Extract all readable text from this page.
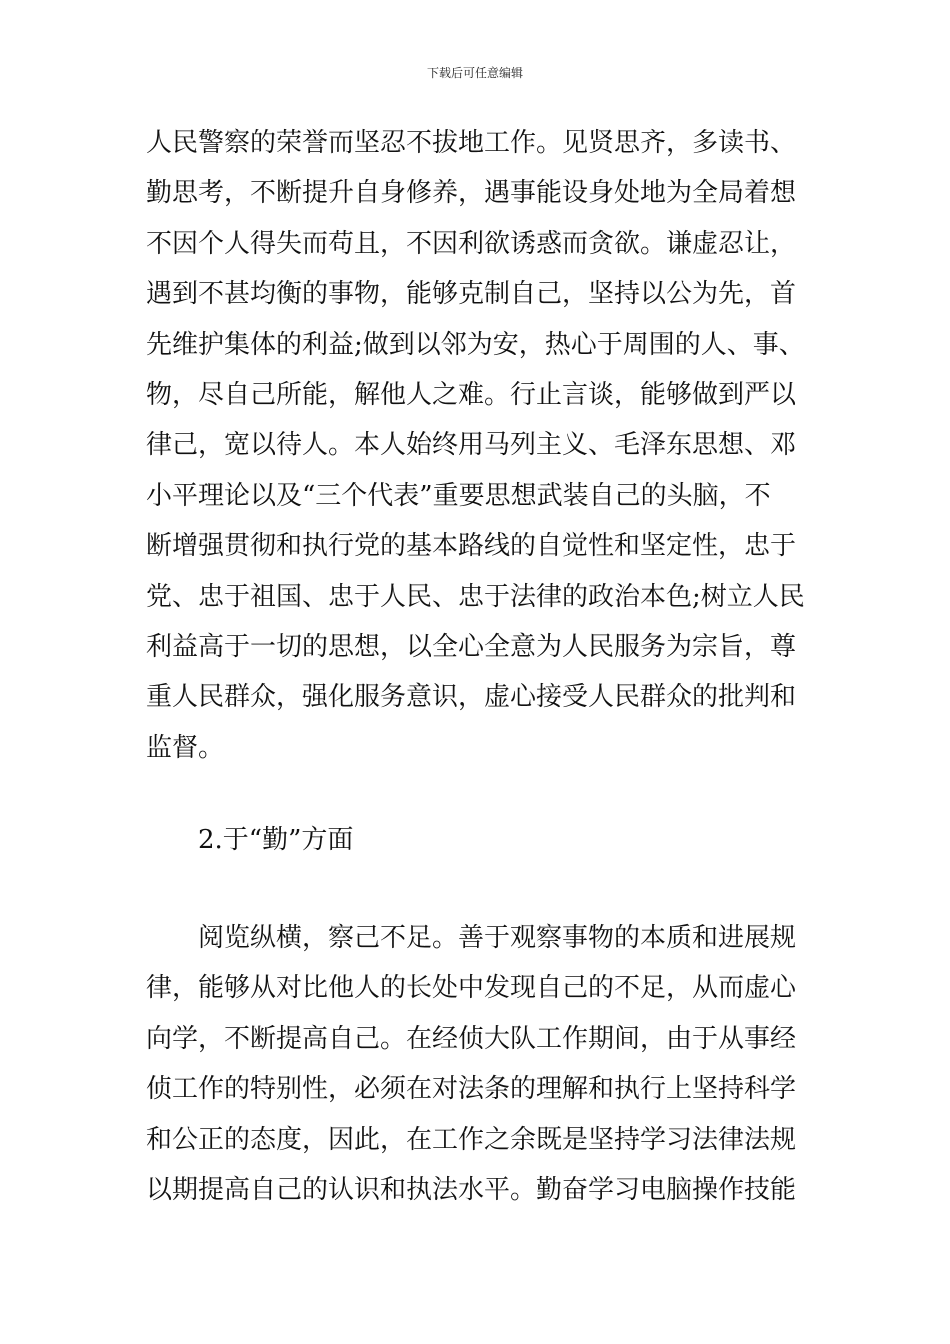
下载后可任意编辑
人民警察的荣誉而坚忍不拔地工作。见贤思齐，多读书、
勤思考，不断提升自身修养，遇事能设身处地为全局着想
不因个人得失而苟且，不因利欲诱惑而贪欲。谦虚忍让，
遇到不甚均衡的事物，能够克制自己，坚持以公为先，首
先维护集体的利益;做到以邻为安，热心于周围的人、事、
物，尽自己所能，解他人之难。行止言谈，能够做到严以
律己，宽以待人。本人始终用马列主义、毛泽东思想、邓
小平理论以及“三个代表”重要思想武装自己的头脑，不
断增强贯彻和执行党的基本路线的自觉性和坚定性，忠于
党、忠于祖国、忠于人民、忠于法律的政治本色;树立人民
利益高于一切的思想，以全心全意为人民服务为宗旨，尊
重人民群众，强化服务意识，虚心接受人民群众的批判和
监督。
2.于“勤”方面
阅览纵横，察己不足。善于观察事物的本质和进展规
律，能够从对比他人的长处中发现自己的不足，从而虚心
向学，不断提高自己。在经侦大队工作期间，由于从事经
侦工作的特别性，必须在对法条的理解和执行上坚持科学
和公正的态度，因此，在工作之余既是坚持学习法律法规
以期提高自己的认识和执法水平。勤奋学习电脑操作技能
